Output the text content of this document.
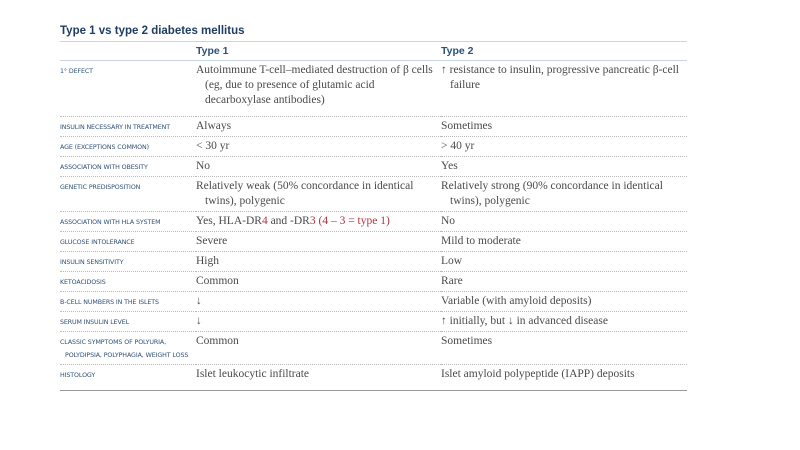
Type 1 vs type 2 diabetes mellitus
	Type 1	Type 2

1° DEFECT	Autoimmune T-cell–mediated destruction of β cells (eg, due to presence of glutamic acid decarboxylase antibodies)	↑ resistance to insulin, progressive pancreatic β-cell failure

INSULIN NECESSARY IN TREATMENT	Always	Sometimes

AGE (EXCEPTIONS COMMON)	< 30 yr	> 40 yr

ASSOCIATION WITH OBESITY	No	Yes

GENETIC PREDISPOSITION	Relatively weak (50% concordance in identical twins), polygenic	Relatively strong (90% concordance in identical twins), polygenic

ASSOCIATION WITH HLA SYSTEM	Yes, HLA-DR4 and -DR3 (4 – 3 = type 1)	No

GLUCOSE INTOLERANCE	Severe	Mild to moderate

INSULIN SENSITIVITY	High	Low

KETOACIDOSIS	Common	Rare

Β-CELL NUMBERS IN THE ISLETS	↓	Variable (with amyloid deposits)

SERUM INSULIN LEVEL	↓	↑ initially, but ↓ in advanced disease

CLASSIC SYMPTOMS OF POLYURIA, POLYDIPSIA, POLYPHAGIA, WEIGHT LOSS	Common	Sometimes

HISTOLOGY	Islet leukocytic infiltrate	Islet amyloid polypeptide (IAPP) deposits
